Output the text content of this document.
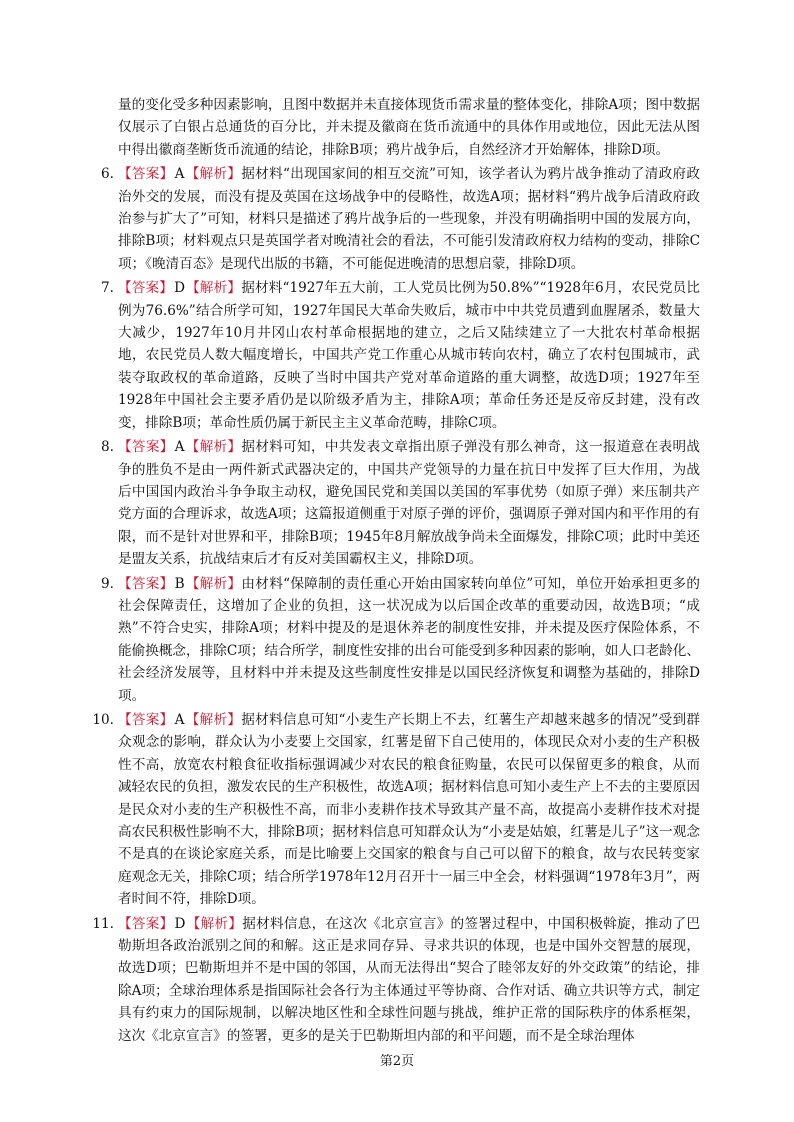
量的变化受多种因素影响，且图中数据并未直接体现货币需求量的整体变化，排除A项；图中数据仅展示了白银占总通货的百分比，并未提及徽商在货币流通中的具体作用或地位，因此无法从图中得出徽商垄断货币流通的结论，排除B项；鸦片战争后，自然经济才开始解体，排除D项。
6. 【答案】A【解析】据材料“出现国家间的相互交流”可知，该学者认为鸦片战争推动了清政府政治外交的发展，而没有提及英国在这场战争中的侵略性，故选A项；据材料“鸦片战争后清政府政治参与扩大了”可知，材料只是描述了鸦片战争后的一些现象，并没有明确指明中国的发展方向，排除B项；材料观点只是英国学者对晚清社会的看法，不可能引发清政府权力结构的变动，排除C项；《晚清百态》是现代出版的书籍，不可能促进晚清的思想启蒙，排除D项。
7. 【答案】D【解析】据材料“1927年五大前，工人党员比例为50.8%”“1928年6月，农民党员比例为76.6%”结合所学可知，1927年国民大革命失败后，城市中中共党员遭到血腥屠杀，数量大大减少，1927年10月井冈山农村革命根据地的建立，之后又陆续建立了一大批农村革命根据地，农民党员人数大幅度增长，中国共产党工作重心从城市转向农村，确立了农村包围城市，武装夺取政权的革命道路，反映了当时中国共产党对革命道路的重大调整，故选D项；1927年至1928年中国社会主要矛盾仍是以阶级矛盾为主，排除A项；革命任务还是反帝反封建，没有改变，排除B项；革命性质仍属于新民主主义革命范畴，排除C项。
8. 【答案】A【解析】据材料可知，中共发表文章指出原子弹没有那么神奇，这一报道意在表明战争的胜负不是由一两件新式武器决定的，中国共产党领导的力量在抗日中发挥了巨大作用，为战后中国国内政治斗争争取主动权，避免国民党和美国以美国的军事优势（如原子弹）来压制共产党方面的合理诉求，故选A项；这篇报道侧重于对原子弹的评价，强调原子弹对国内和平作用的有限，而不是针对世界和平，排除B项；1945年8月解放战争尚未全面爆发，排除C项；此时中美还是盟友关系，抗战结束后才有反对美国霸权主义，排除D项。
9. 【答案】B【解析】由材料“保障制的责任重心开始由国家转向单位”可知，单位开始承担更多的社会保障责任，这增加了企业的负担，这一状况成为以后国企改革的重要动因，故选B项；“成熟”不符合史实，排除A项；材料中提及的是退休养老的制度性安排，并未提及医疗保险体系，不能偷换概念，排除C项；结合所学，制度性安排的出台可能受到多种因素的影响，如人口老龄化、社会经济发展等，且材料中并未提及这些制度性安排是以国民经济恢复和调整为基础的，排除D项。
10. 【答案】A【解析】据材料信息可知“小麦生产长期上不去，红薯生产却越来越多的情况”受到群众观念的影响，群众认为小麦要上交国家，红薯是留下自己使用的，体现民众对小麦的生产积极性不高，放宽农村粮食征收指标强调减少对农民的粮食征购量，农民可以保留更多的粮食，从而减轻农民的负担，激发农民的生产积极性，故选A项；据材料信息可知小麦生产上不去的主要原因是民众对小麦的生产积极性不高，而非小麦耕作技术导致其产量不高，故提高小麦耕作技术对提高农民积极性影响不大，排除B项；据材料信息可知群众认为“小麦是姑娘，红薯是儿子”这一观念不是真的在谈论家庭关系，而是比喻要上交国家的粮食与自己可以留下的粮食，故与农民转变家庭观念无关，排除C项；结合所学1978年12月召开十一届三中全会，材料强调“1978年3月”，两者时间不符，排除D项。
11. 【答案】D【解析】据材料信息，在这次《北京宣言》的签署过程中，中国积极斡旋，推动了巴勒斯坦各政治派别之间的和解。这正是求同存异、寻求共识的体现，也是中国外交智慧的展现，故选D项；巴勒斯坦并不是中国的邻国，从而无法得出“契合了睦邻友好的外交政策”的结论，排除A项；全球治理体系是指国际社会各行为主体通过平等协商、合作对话、确立共识等方式，制定具有约束力的国际规制，以解决地区性和全球性问题与挑战，维护正常的国际秩序的体系框架，这次《北京宣言》的签署，更多的是关于巴勒斯坦内部的和平问题，而不是全球治理体
第2页
